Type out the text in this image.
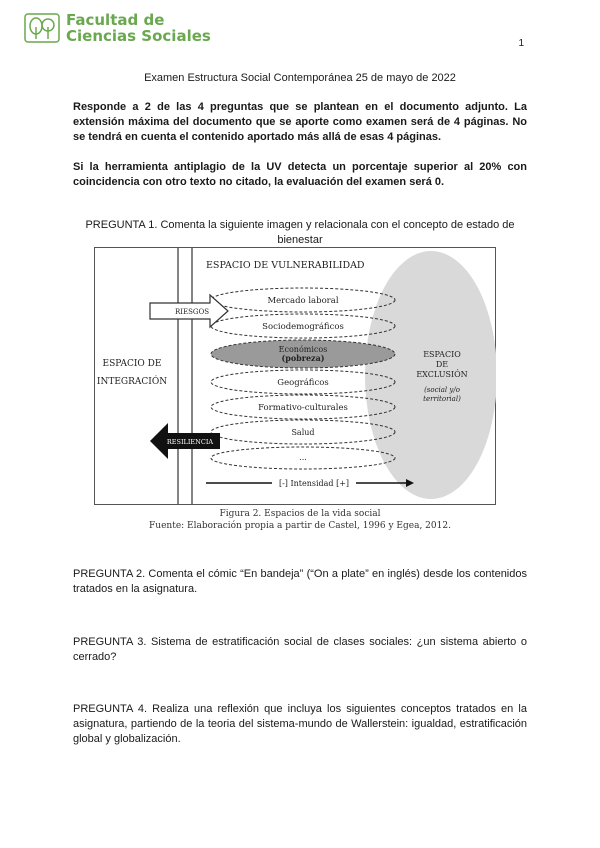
Facultad de
Ciencias Sociales	1
Examen Estructura Social Contemporánea 25 de mayo de 2022
Responde a 2 de las 4 preguntas que se plantean en el documento adjunto. La extensión máxima del documento que se aporte como examen será de 4 páginas. No se tendrá en cuenta el contenido aportado más allá de esas 4 páginas.
Si la herramienta antiplagio de la UV detecta un porcentaje superior al 20% con coincidencia con otro texto no citado, la evaluación del examen será 0.
PREGUNTA 1. Comenta la siguiente imagen y relacionala con el concepto de estado de bienestar
ESPACIO DE VULNERABILIDAD
Mercado laboral
Sociodemográficos
Económicos
(pobreza)
Geográficos
Formativo-culturales
Salud
...
RIESGOS
RESILIENCIA
ESPACIO DE
INTEGRACIÓN
ESPACIO
DE
EXCLUSIÓN
(social y/o
territorial)
[-] Intensidad [+]
Figura 2. Espacios de la vida social
Fuente: Elaboración propia a partir de Castel, 1996 y Egea, 2012.
PREGUNTA 2. Comenta el cómic “En bandeja” (“On a plate” en inglés) desde los contenidos tratados en la asignatura.
PREGUNTA 3. Sistema de estratificación social de clases sociales: ¿un sistema abierto o cerrado?
PREGUNTA 4. Realiza una reflexión que incluya los siguientes conceptos tratados en la asignatura, partiendo de la teoria del sistema-mundo de Wallerstein: igualdad, estratificación global y globalización.
